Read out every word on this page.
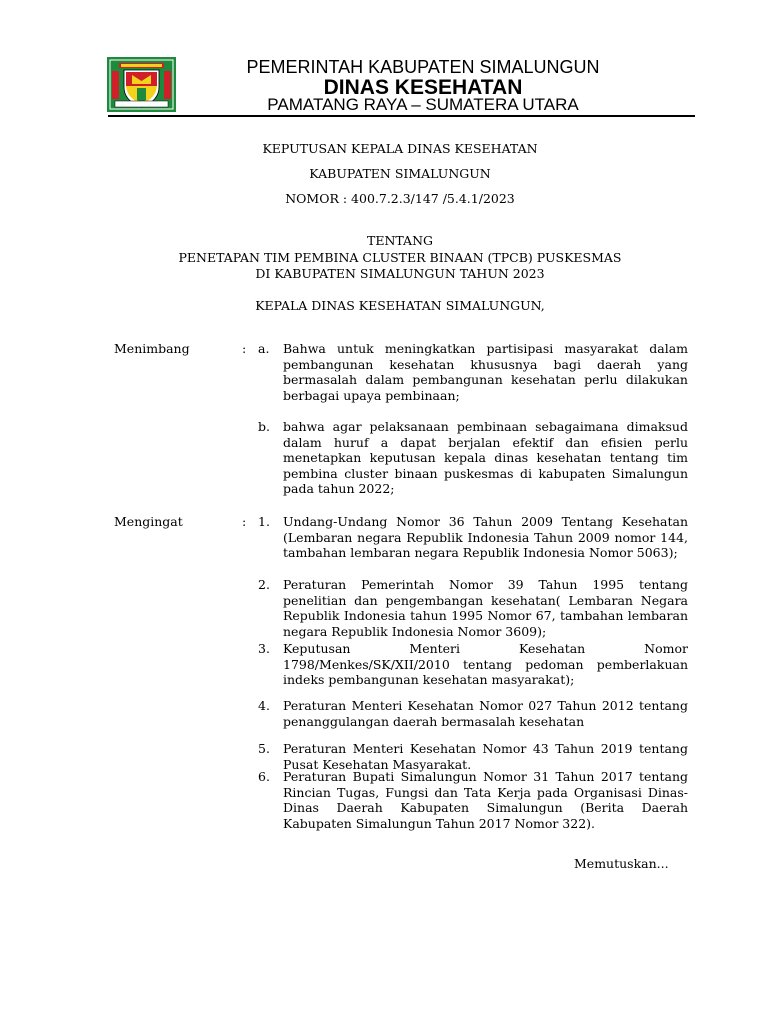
PEMERINTAH KABUPATEN SIMALUNGUN
DINAS KESEHATAN
PAMATANG RAYA – SUMATERA UTARA
KEPUTUSAN KEPALA DINAS KESEHATAN
KABUPATEN SIMALUNGUN
NOMOR : 400.7.2.3/147 /5.4.1/2023
TENTANG
PENETAPAN TIM PEMBINA CLUSTER BINAAN (TPCB) PUSKESMAS
DI KABUPATEN SIMALUNGUN TAHUN 2023
KEPALA DINAS KESEHATAN SIMALUNGUN,
Menimbang	: a. Bahwa untuk meningkatkan partisipasi masyarakat dalam pembangunan kesehatan khususnya bagi daerah yang bermasalah dalam pembangunan kesehatan perlu dilakukan berbagai upaya pembinaan;
b. bahwa agar pelaksanaan pembinaan sebagaimana dimaksud dalam huruf a dapat berjalan efektif dan efisien perlu menetapkan keputusan kepala dinas kesehatan tentang tim pembina cluster binaan puskesmas di kabupaten Simalungun pada tahun 2022;
Mengingat	: 1. Undang-Undang Nomor 36 Tahun 2009 Tentang Kesehatan (Lembaran negara Republik Indonesia Tahun 2009 nomor 144, tambahan lembaran negara Republik Indonesia Nomor 5063);
2. Peraturan Pemerintah Nomor 39 Tahun 1995 tentang penelitian dan pengembangan kesehatan( Lembaran Negara Republik Indonesia tahun 1995 Nomor 67, tambahan lembaran negara Republik Indonesia Nomor 3609);
3. Keputusan Menteri Kesehatan Nomor 1798/Menkes/SK/XII/2010 tentang pedoman pemberlakuan indeks pembangunan kesehatan masyarakat);
4. Peraturan Menteri Kesehatan Nomor 027 Tahun 2012 tentang penanggulangan daerah bermasalah kesehatan
5. Peraturan Menteri Kesehatan Nomor 43 Tahun 2019 tentang Pusat Kesehatan Masyarakat.
6. Peraturan Bupati Simalungun Nomor 31 Tahun 2017 tentang Rincian Tugas, Fungsi dan Tata Kerja pada Organisasi Dinas-Dinas Daerah Kabupaten Simalungun (Berita Daerah Kabupaten Simalungun Tahun 2017 Nomor 322).
Memutuskan...
